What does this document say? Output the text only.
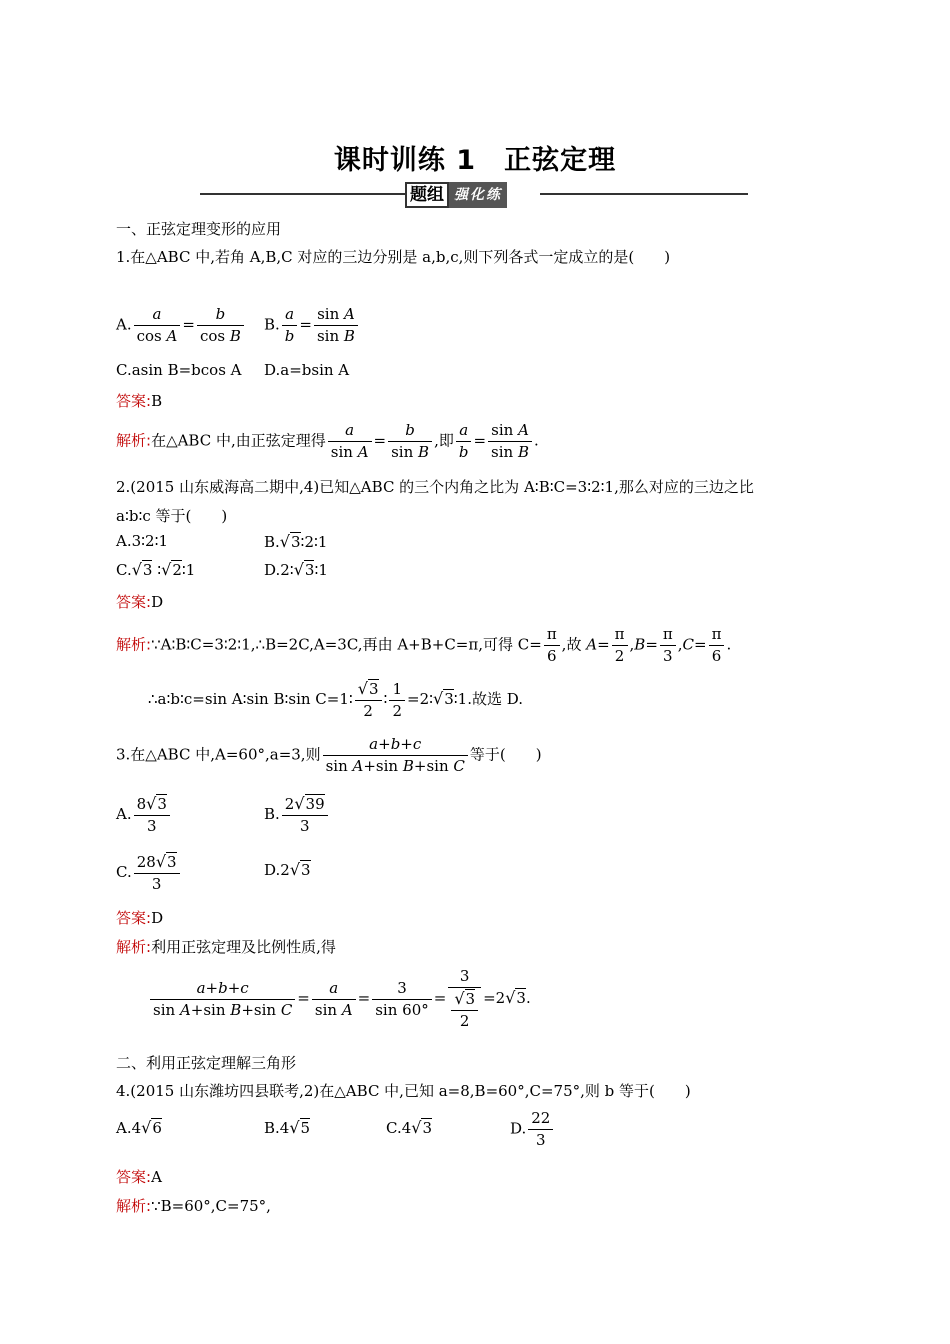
课时训练 1　正弦定理
题组 强化练
一、正弦定理变形的应用
1.在△ABC 中,若角 A,B,C 对应的三边分别是 a,b,c,则下列各式一定成立的是(　　)
A. $\frac{a}{\text{cos A}} = \frac{b}{\text{cos B}} B$. $\frac{a}{b} = \frac{\text{sin A}}{\text{sin B}}$
C.asin B=bcos A D.a=bsin A
答案:B
解析:在△ABC 中,由正弦定理得 $\frac{a}{\text{sin A}} = \frac{b}{\text{sin B}}$ ,即 $\frac{a}{b} = \frac{\text{sin A}}{\text{sin B}}$ .
2.(2015 山东威海高二期中,4)已知△ABC 的三个内角之比为 A∶B∶C=3∶2∶1,那么对应的三边之比
a∶b∶c 等于(　　)
A.3∶2∶1	B.√3∶2∶1
C.√3 ∶√2∶1	D.2∶√3∶1
答案:D
解析:∵A∶B∶C=3∶2∶1,∴B=2C,A=3C,再由 A+B+C=π,可得 $C= \frac{\pi}{6}$ ,故 $A= \frac{\pi}{2} ,B= \frac{\pi}{3} ,C= \frac{\pi}{6}$ .
∴a∶b∶c=sin A∶sin B∶sin C=1∶ $\frac{√3}{2}$ ∶ $\frac{1}{2}$ =2∶√3∶1.故选 D.
3.在△ABC 中,A=60°,a=3,则 $\frac{a+b+c}{\text{sin A+sin B+sin C}}$ 等于(　　)
A. $\frac{8√3}{3}$	B. $\frac{2√39}{3}$
C. $\frac{28√3}{3}$	D.2√3
答案:D
解析:利用正弦定理及比例性质,得
$\frac{a+b+c}{\text{sin A+sin B+sin C}} = \frac{a}{\text{sin A}} = \frac{3}{\sin 60^\circ} = \frac{3}{\frac{√3}{2}} =2√3$.
二、利用正弦定理解三角形
4.(2015 山东潍坊四县联考,2)在△ABC 中,已知 a=8,B=60°,C=75°,则 b 等于(　　)
A.4√6	B.4√5	C.4√3	D. $\frac{22}{3}$
答案:A
解析:∵B=60°,C=75°,
